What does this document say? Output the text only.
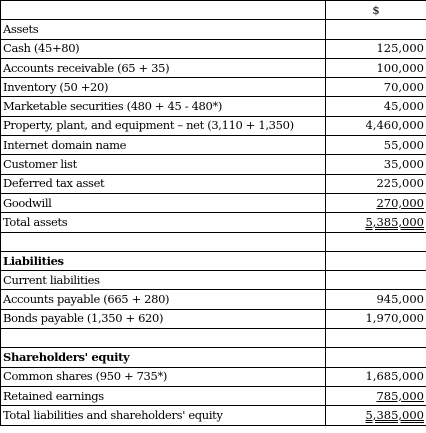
	$
Assets	
Cash (45+80)	125,000
Accounts receivable (65 + 35)	100,000
Inventory (50 +20)	70,000
Marketable securities (480 + 45 - 480*)	45,000
Property, plant, and equipment – net (3,110 + 1,350)	4,460,000
Internet domain name	55,000
Customer list	35,000
Deferred tax asset	225,000
Goodwill	270,000
Total assets	5,385,000

Liabilities	
Current liabilities	
Accounts payable (665 + 280)	945,000
Bonds payable (1,350 + 620)	1,970,000

Shareholders' equity	
Common shares (950 + 735*)	1,685,000
Retained earnings	785,000
Total liabilities and shareholders' equity	5,385,000
